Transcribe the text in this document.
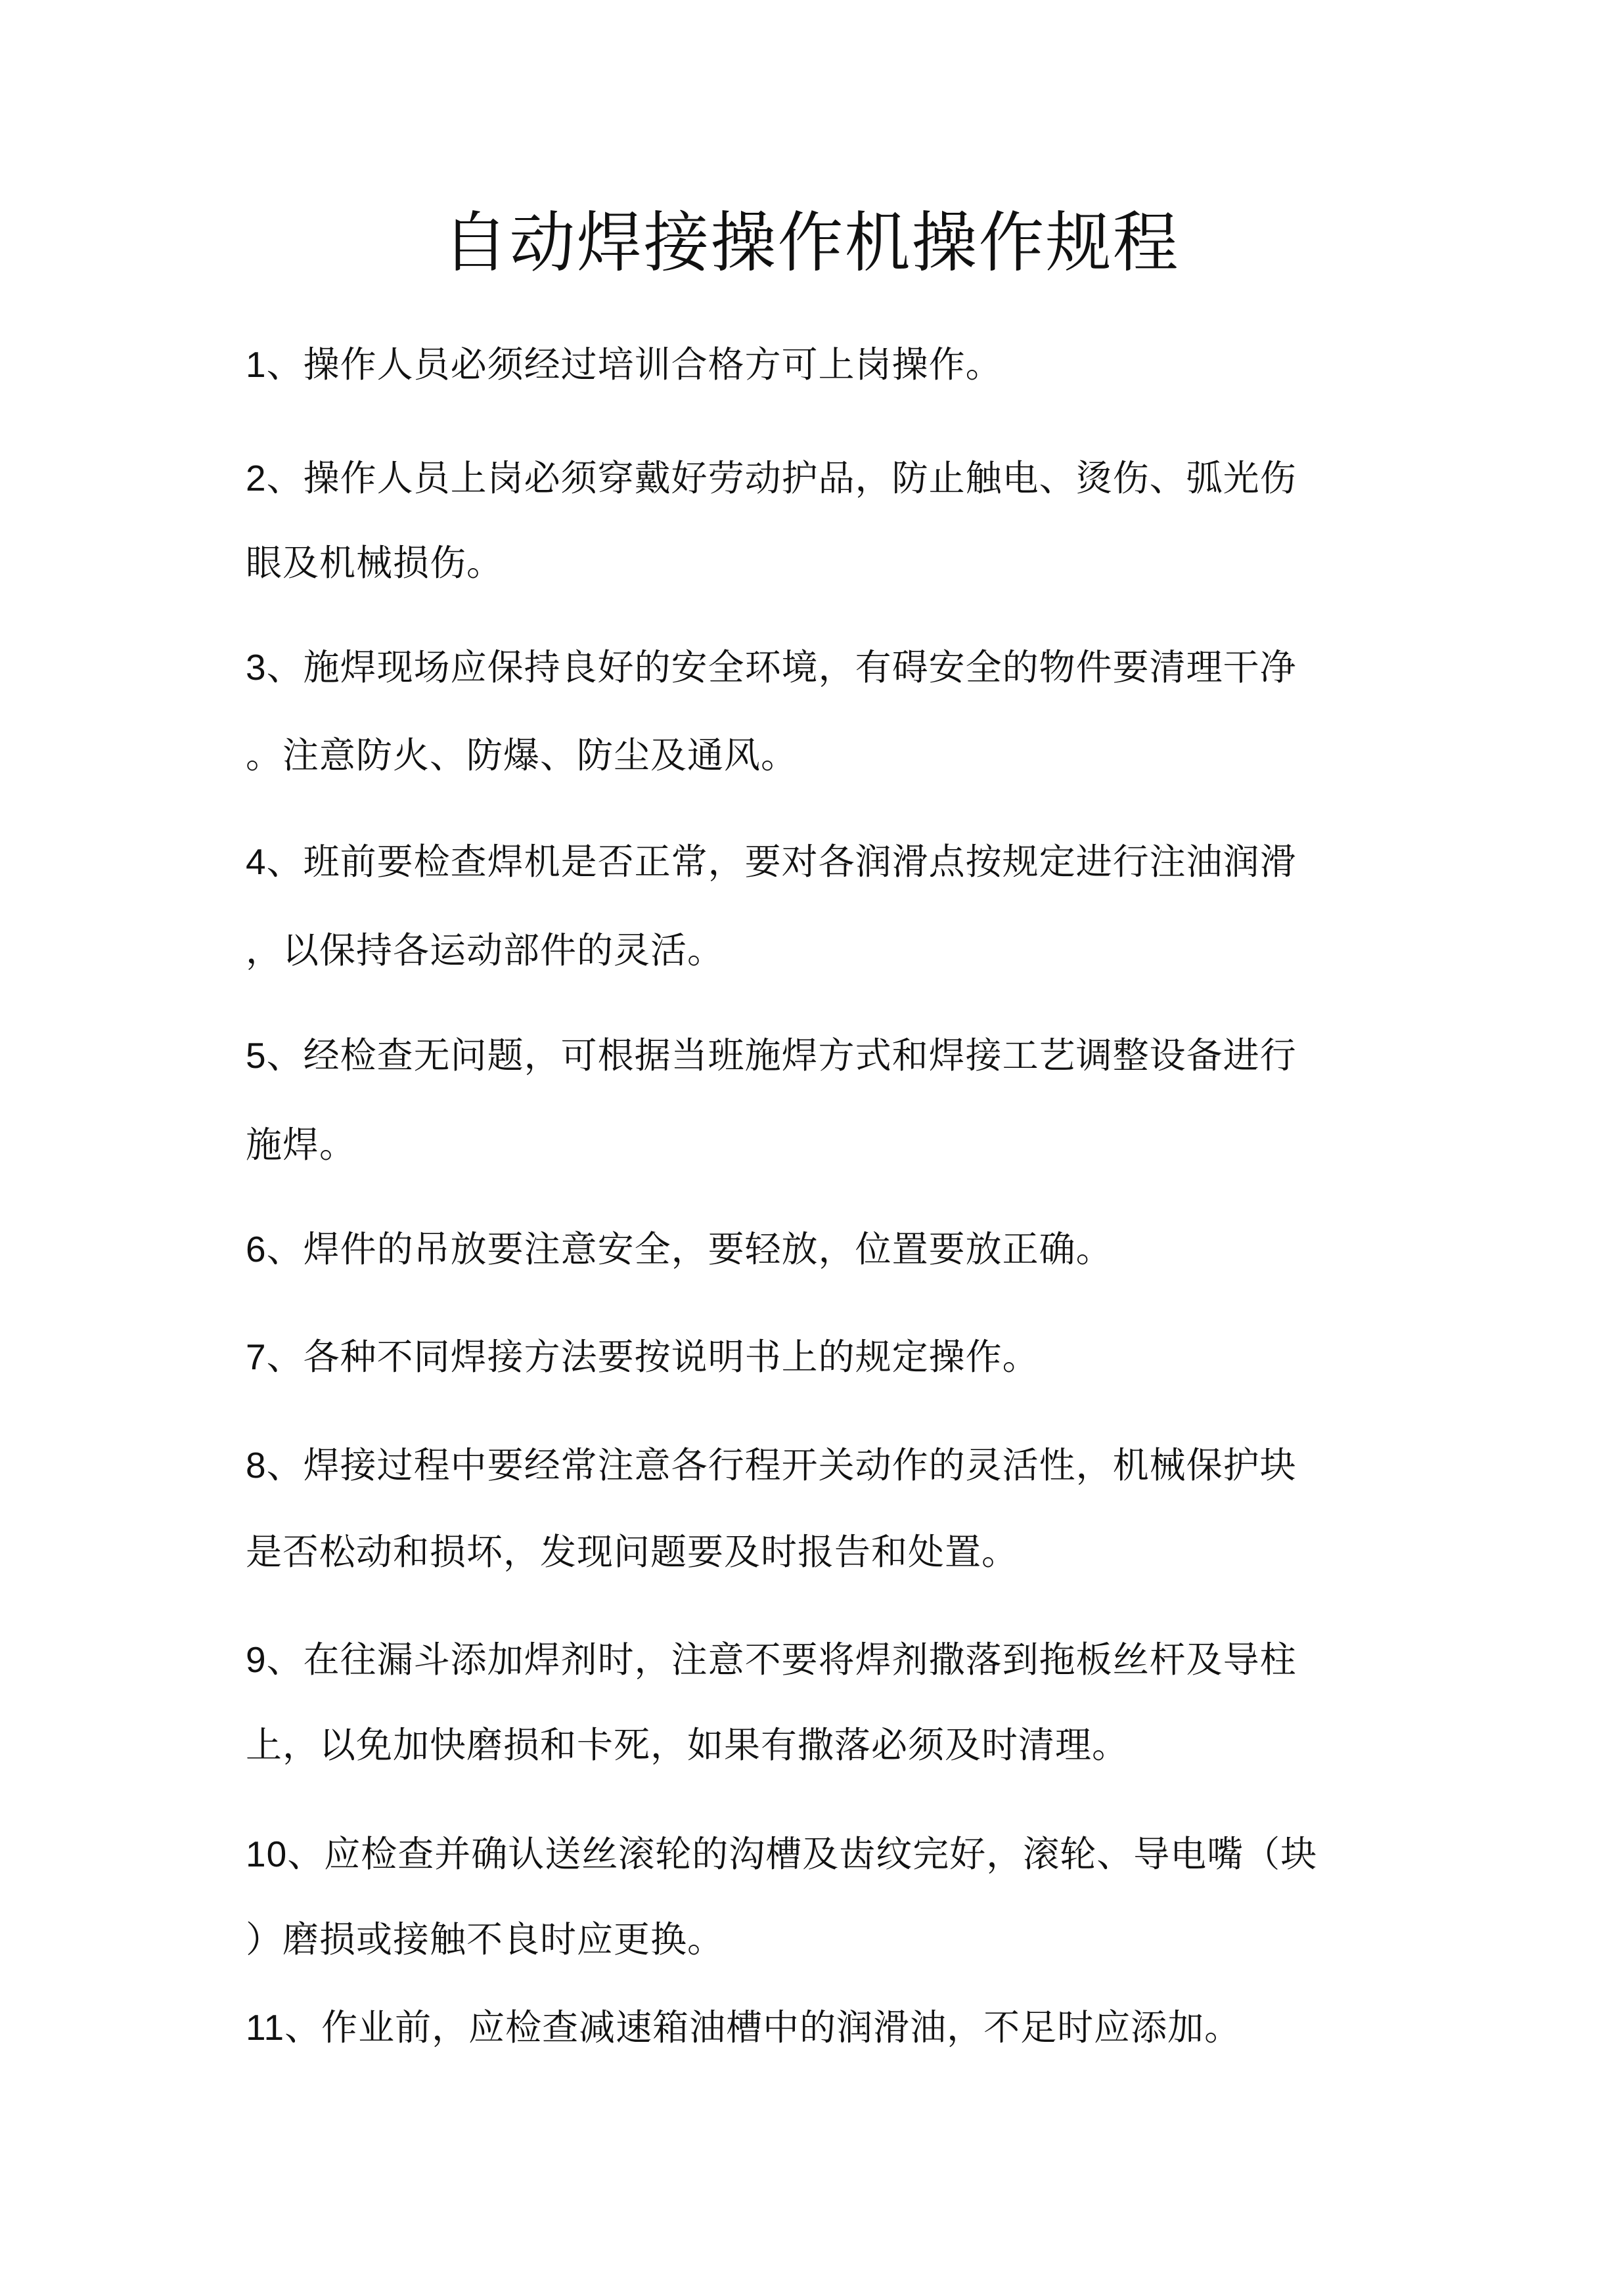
自动焊接操作机操作规程

1、操作人员必须经过培训合格方可上岗操作。

2、操作人员上岗必须穿戴好劳动护品，防止触电、烫伤、弧光伤

眼及机械损伤。

3、施焊现场应保持良好的安全环境，有碍安全的物件要清理干净

。注意防火、防爆、防尘及通风。

4、班前要检查焊机是否正常，要对各润滑点按规定进行注油润滑

，以保持各运动部件的灵活。

5、经检查无问题，可根据当班施焊方式和焊接工艺调整设备进行

施焊。

6、焊件的吊放要注意安全，要轻放，位置要放正确。

7、各种不同焊接方法要按说明书上的规定操作。

8、焊接过程中要经常注意各行程开关动作的灵活性，机械保护块

是否松动和损坏，发现问题要及时报告和处置。

9、在往漏斗添加焊剂时，注意不要将焊剂撒落到拖板丝杆及导柱

上，以免加快磨损和卡死，如果有撒落必须及时清理。

10、应检查并确认送丝滚轮的沟槽及齿纹完好，滚轮、导电嘴（块

）磨损或接触不良时应更换。

11、作业前，应检查减速箱油槽中的润滑油，不足时应添加。
